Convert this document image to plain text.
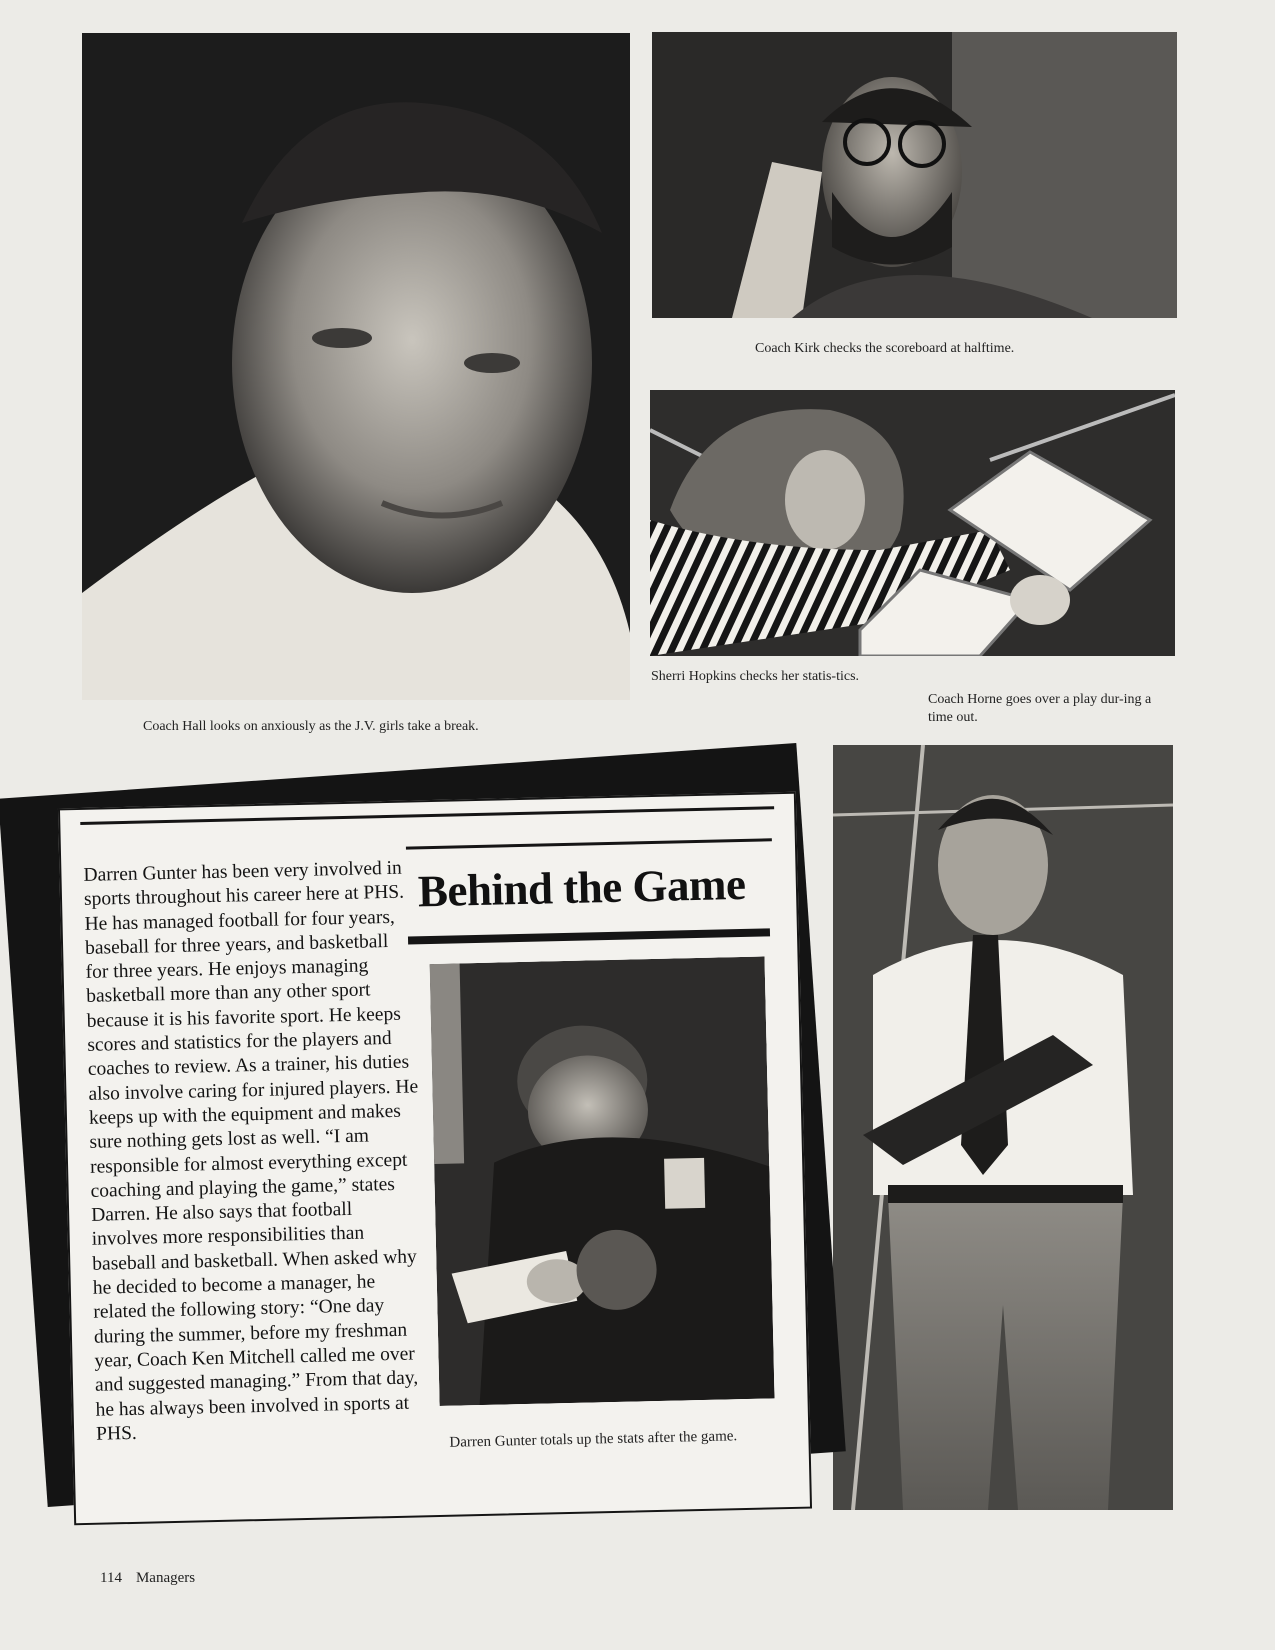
Coach Hall looks on anxiously as the J.V. girls take a break.
Coach Kirk checks the scoreboard at halftime.
Sherri Hopkins checks her statis-tics.
Coach Horne goes over a play dur-ing a time out.
Behind the Game

Darren Gunter has been very involved in sports throughout his career here at PHS. He has managed football for four years, baseball for three years, and basketball for three years. He enjoys managing basketball more than any other sport because it is his favorite sport. He keeps scores and statistics for the players and coaches to review. As a trainer, his duties also involve caring for injured players. He keeps up with the equipment and makes sure nothing gets lost as well. “I am responsible for almost everything except coaching and playing the game,” states Darren. He also says that football involves more responsibilities than baseball and basketball. When asked why he decided to become a manager, he related the following story: “One day during the summer, before my freshman year, Coach Ken Mitchell called me over and suggested managing.” From that day, he has always been involved in sports at PHS.	Darren Gunter totals up the stats after the game.
114 Managers
